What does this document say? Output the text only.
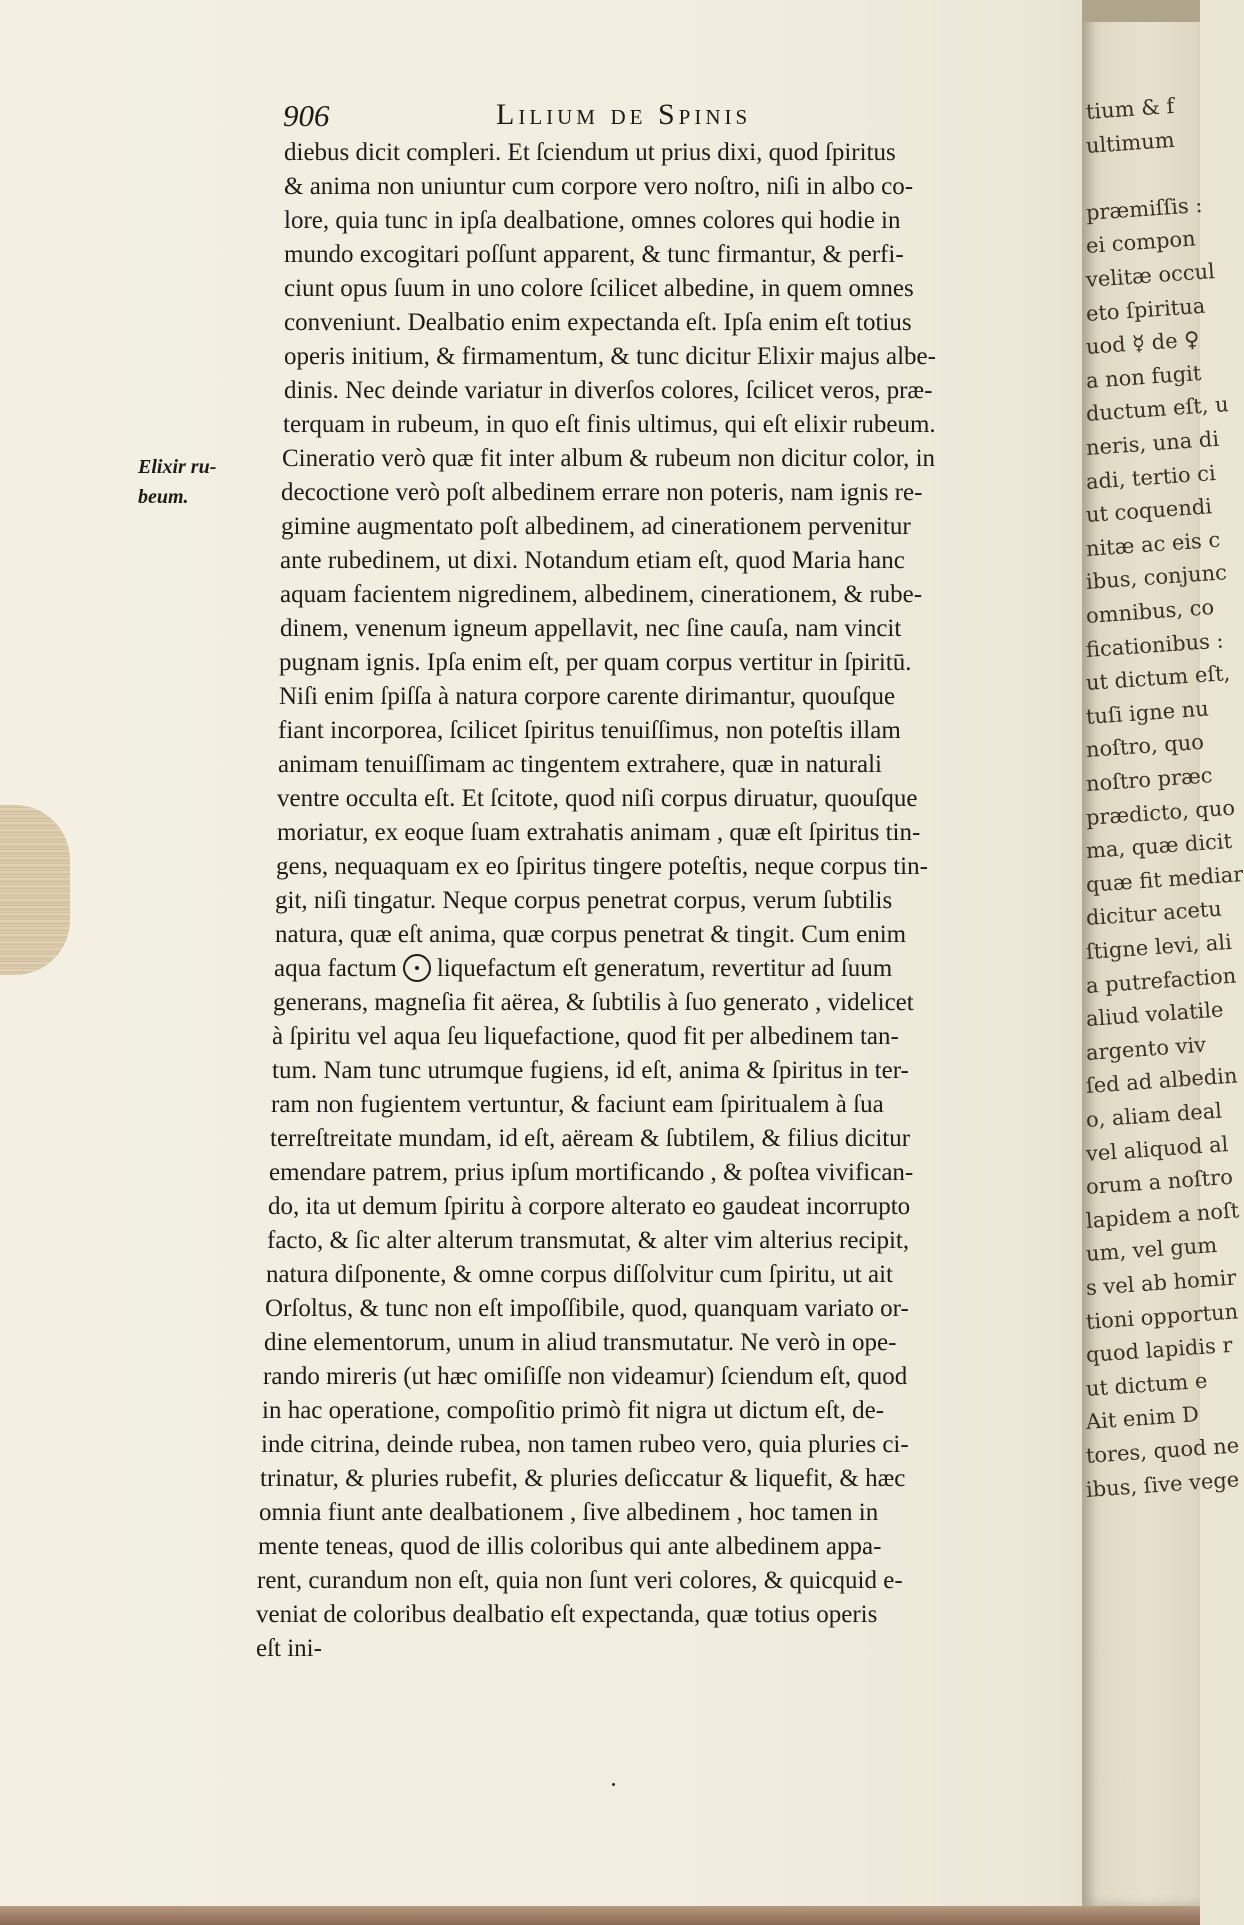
tium & f
ultimum
præmiſſis :
ei compon
velitæ occul
eto ſpiritua
uod ☿ de ♀
a non fugit
ductum eſt, u
neris, una di
adi, tertio ci
ut coquendi
nitæ ac eis c
ibus, conjunc
omnibus, co
ficationibus :
ut dictum eſt,
tuſi igne nu
noſtro, quo
noſtro præc
prædicto, quo
ma, quæ dicit
quæ fit mediar
dicitur acetu
ſtigne levi, ali
a putrefaction
aliud volatile
argento viv
ſed ad albedin
o, aliam deal
vel aliquod al
orum a noſtro
lapidem a noſt
um, vel gum
s vel ab homir
tioni opportun
quod lapidis r
ut dictum e
Ait enim D
tores, quod ne
ibus, ſive vege
906	Lilium de Spinis
Elixir ru-
beum.
diebus dicit compleri. Et ſciendum ut prius dixi, quod ſpiritus
& anima non uniuntur cum corpore vero noſtro, niſi in albo co-
lore, quia tunc in ipſa dealbatione, omnes colores qui hodie in
mundo excogitari poſſunt apparent, & tunc firmantur, & perfi-
ciunt opus ſuum in uno colore ſcilicet albedine, in quem omnes
conveniunt. Dealbatio enim expectanda eſt. Ipſa enim eſt totius
operis initium, & firmamentum, & tunc dicitur Elixir majus albe-
dinis. Nec deinde variatur in diverſos colores, ſcilicet veros, præ-
terquam in rubeum, in quo eſt finis ultimus, qui eſt elixir rubeum.
Cineratio verò quæ fit inter album & rubeum non dicitur color, in
decoctione verò poſt albedinem errare non poteris, nam ignis re-
gimine augmentato poſt albedinem, ad cinerationem pervenitur
ante rubedinem, ut dixi. Notandum etiam eſt, quod Maria hanc
aquam facientem nigredinem, albedinem, cinerationem, & rube-
dinem, venenum igneum appellavit, nec ſine cauſa, nam vincit
pugnam ignis. Ipſa enim eſt, per quam corpus vertitur in ſpiritū.
Niſi enim ſpiſſa à natura corpore carente dirimantur, quouſque
fiant incorporea, ſcilicet ſpiritus tenuiſſimus, non poteſtis illam
animam tenuiſſimam ac tingentem extrahere, quæ in naturali
ventre occulta eſt. Et ſcitote, quod niſi corpus diruatur, quouſque
moriatur, ex eoque ſuam extrahatis animam , quæ eſt ſpiritus tin-
gens, nequaquam ex eo ſpiritus tingere poteſtis, neque corpus tin-
git, niſi tingatur. Neque corpus penetrat corpus, verum ſubtilis
natura, quæ eſt anima, quæ corpus penetrat & tingit. Cum enim
aqua factum liquefactum eſt generatum, revertitur ad ſuum
generans, magneſia fit aërea, & ſubtilis à ſuo generato , videlicet
à ſpiritu vel aqua ſeu liquefactione, quod fit per albedinem tan-
tum. Nam tunc utrumque fugiens, id eſt, anima & ſpiritus in ter-
ram non fugientem vertuntur, & faciunt eam ſpiritualem à ſua
terreſtreitate mundam, id eſt, aëream & ſubtilem, & filius dicitur
emendare patrem, prius ipſum mortificando , & poſtea vivifican-
do, ita ut demum ſpiritu à corpore alterato eo gaudeat incorrupto
facto, & ſic alter alterum transmutat, & alter vim alterius recipit,
natura diſponente, & omne corpus diſſolvitur cum ſpiritu, ut ait
Orſoltus, & tunc non eſt impoſſibile, quod, quanquam variato or-
dine elementorum, unum in aliud transmutatur. Ne verò in ope-
rando mireris (ut hæc omiſiſſe non videamur) ſciendum eſt, quod
in hac operatione, compoſitio primò fit nigra ut dictum eſt, de-
inde citrina, deinde rubea, non tamen rubeo vero, quia pluries ci-
trinatur, & pluries rubefit, & pluries deſiccatur & liquefit, & hæc
omnia fiunt ante dealbationem , ſive albedinem , hoc tamen in
mente teneas, quod de illis coloribus qui ante albedinem appa-
rent, curandum non eſt, quia non ſunt veri colores, & quicquid e-
veniat de coloribus dealbatio eſt expectanda, quæ totius operis
eſt ini-
